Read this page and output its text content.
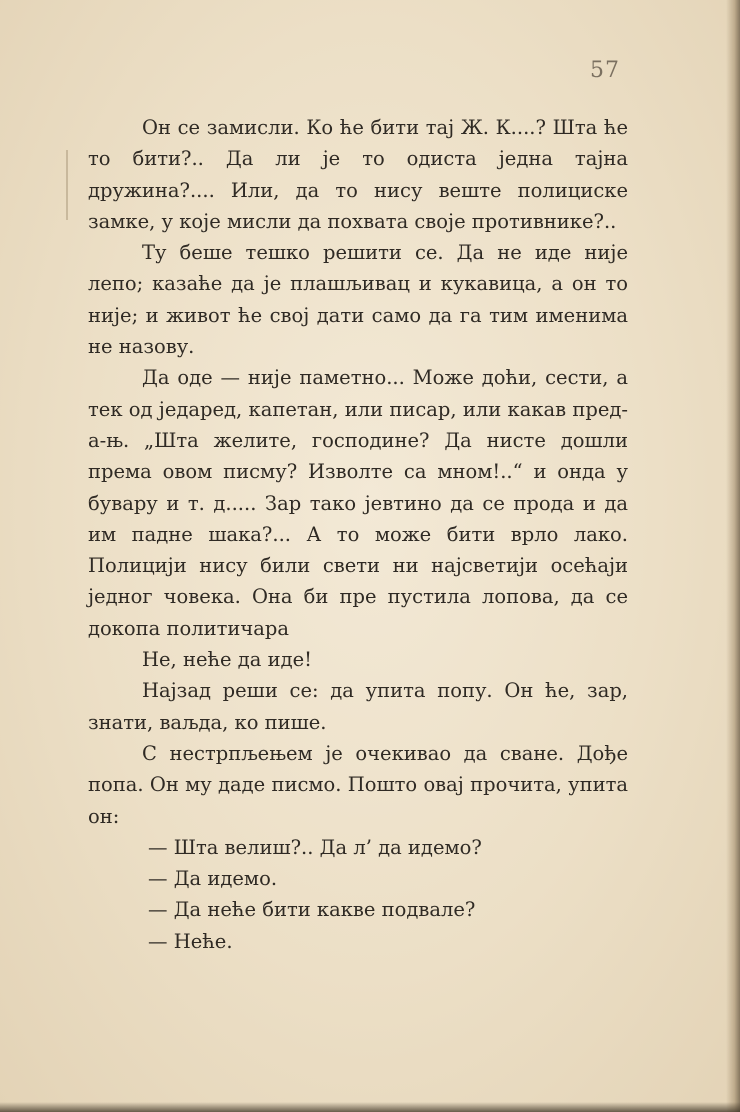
57

Он се замисли. Ко ће бити тај Ж. К....? Шта ће то бити?.. Да ли је то одиста једна тајна дружина?.... Или, да то нису вeште полициске замке, у које мисли да похвата своје противнике?..

Ту беше тешко решити се. Да не иде није лепо; казаће да је плашљивац и кукавица, а он то није; и живот ће свој дати само да га тим именима не назову.

Да оде — није паметно... Може доћи, сести, а тек од једаред, капетан, или писар, или какав пред-а-њ. „Шта желите, господине? Да нисте дошли према овом писму? Изволте са мном!..“ и онда у бувару и т. д..... Зар тако јевтино да се прода и да им падне шака?... А то може бити врло лако. Полицији нису били свети ни најсветији осећаји једног човека. Она би пре пустила лопова, да се докопа политичара

Не, неће да иде!

Најзад реши се: да упита попу. Он ће, зар, знати, ваљда, ко пише.

С нестрпљењем је очекивао да сване. Дође попа. Он му даде писмо. Пошто овај прочита, упита он:

— Шта велиш?.. Да л’ да идемо?

— Да идемо.

— Да неће бити какве подвале?

— Неће.
